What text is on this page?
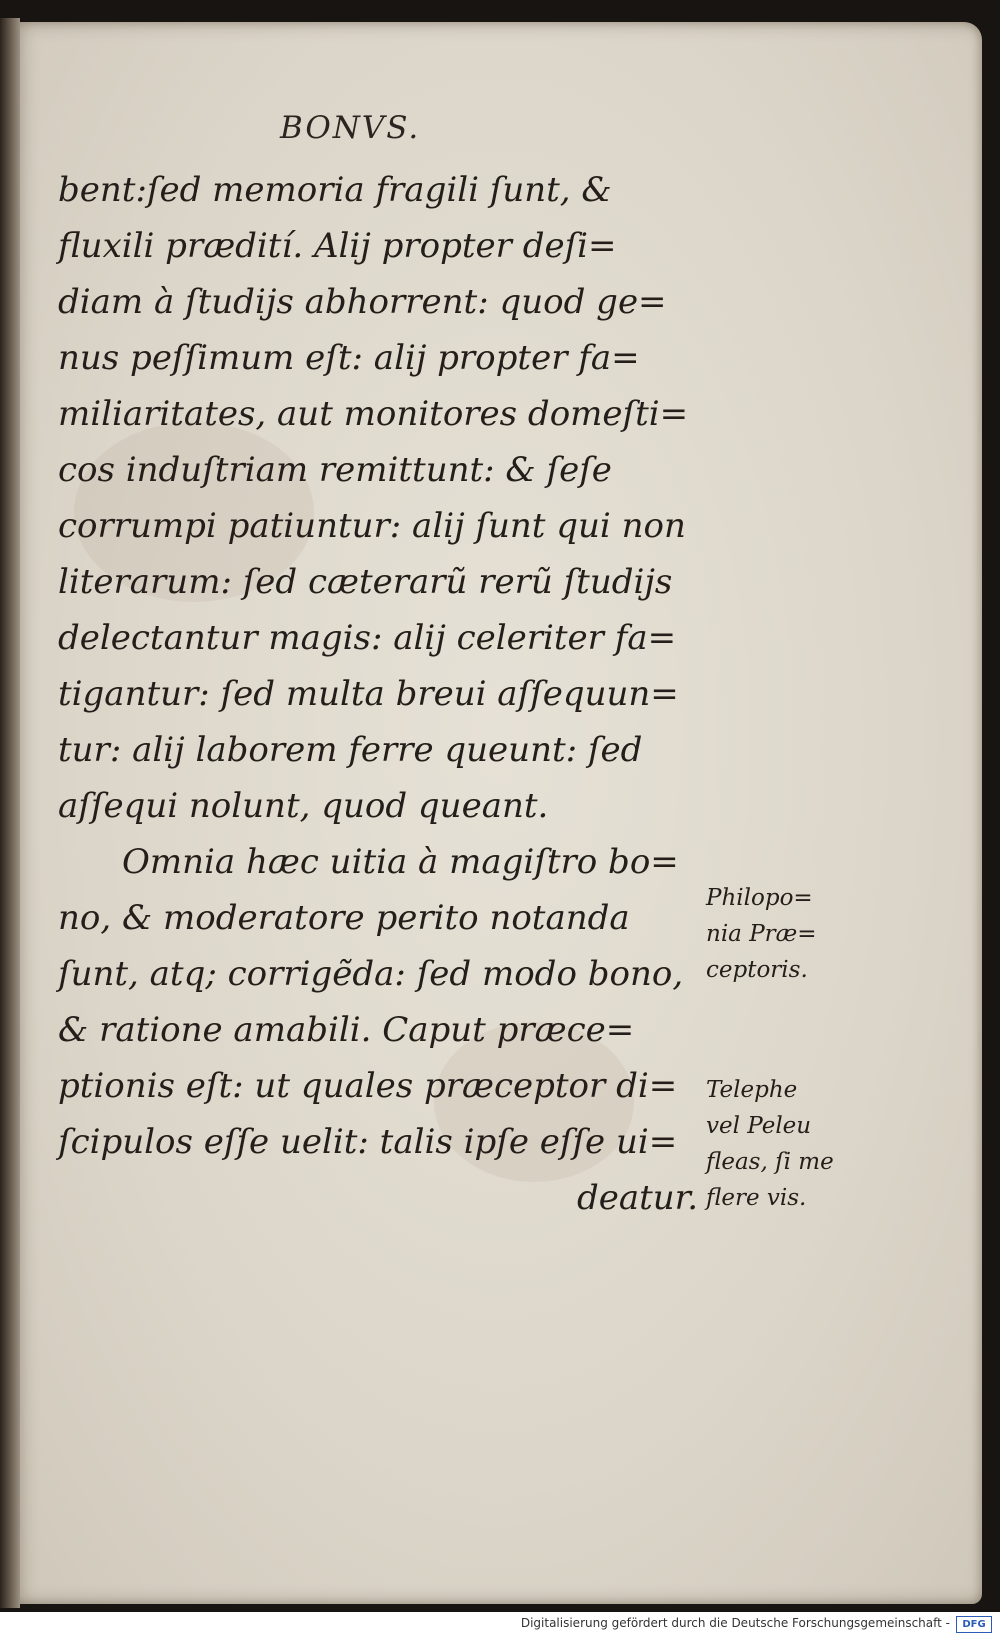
BONVS.
bent:ſed memoria fragili ſunt, &
fluxili prædití. Alij propter deſi=
diam à ſtudijs abhorrent: quod ge=
nus peſſimum eſt: alij propter fa=
miliaritates, aut monitores domeſti=
cos induſtriam remittunt: & ſeſe
corrumpi patiuntur: alij ſunt qui non
literarum: ſed cæterarũ rerũ ſtudijs
delectantur magis: alij celeriter fa=
tigantur: ſed multa breui aſſequun=
tur: alij laborem ferre queunt: ſed
aſſequi nolunt, quod queant.
Omnia hæc uitia à magiſtro bo=
no, & moderatore perito notanda
ſunt, atq; corrigẽda: ſed modo bono,
& ratione amabili. Caput præce=
ptionis eſt: ut quales præceptor di=
ſcipulos eſſe uelit: talis ipſe eſſe ui=
deatur.
Philopo=
nia Præ=
ceptoris.
Telephe
vel Peleu
fleas, ſi me
flere vis.
Digitalisierung gefördert durch die Deutsche Forschungsgemeinschaft -	DFG
